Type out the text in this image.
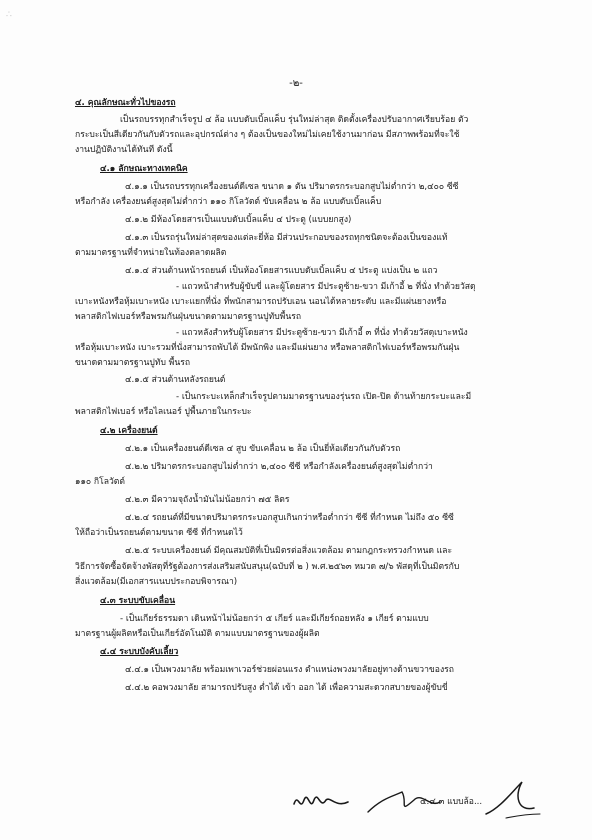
∴
-๒-
๔. คุณลักษณะทั่วไปของรถ
เป็นรถบรรทุกสำเร็จรูป ๔ ล้อ แบบดับเบิ้ลแค็บ รุ่นใหม่ล่าสุด ติดตั้งเครื่องปรับอากาศเรียบร้อย ตัว
กระบะเป็นสีเดียวกันกับตัวรถและอุปกรณ์ต่าง ๆ ต้องเป็นของใหม่ไม่เคยใช้งานมาก่อน มีสภาพพร้อมที่จะใช้
งานปฏิบัติงานได้ทันที ดังนี้
๔.๑ ลักษณะทางเทคนิค
๔.๑.๑ เป็นรถบรรทุกเครื่องยนต์ดีเซล ขนาด ๑ ตัน ปริมาตรกระบอกสูบไม่ต่ำกว่า ๒,๔๐๐ ซีซี
หรือกำลัง เครื่องยนต์สูงสุดไม่ต่ำกว่า ๑๑๐ กิโลวัตต์ ขับเคลื่อน ๒ ล้อ แบบดับเบิ้ลแค็บ
๔.๑.๒ มีห้องโดยสารเป็นแบบดับเบิ้ลแค็บ ๔ ประตู (แบบยกสูง)
๔.๑.๓ เป็นรถรุ่นใหม่ล่าสุดของแต่ละยี่ห้อ มีส่วนประกอบของรถทุกชนิดจะต้องเป็นของแท้
ตามมาตรฐานที่จำหน่ายในท้องตลาดผลิต
๔.๑.๔ ส่วนด้านหน้ารถยนต์ เป็นห้องโดยสารแบบดับเบิ้ลแค็บ ๔ ประตู แบ่งเป็น ๒ แถว
- แถวหน้าสำหรับผู้ขับขี่ และผู้โดยสาร มีประตูซ้าย-ขวา มีเก้าอี้ ๒ ที่นั่ง ทำด้วยวัสดุ
เบาะหนังหรือหุ้มเบาะหนัง เบาะแยกที่นั่ง ที่พนักสามารถปรับเอน นอนได้หลายระดับ และมีแผ่นยางหรือ
พลาสติกไฟเบอร์หรือพรมกันฝุ่นขนาดตามมาตรฐานปูทับพื้นรถ
- แถวหลังสำหรับผู้โดยสาร มีประตูซ้าย-ขวา มีเก้าอี้ ๓ ที่นั่ง ทำด้วยวัสดุเบาะหนัง
หรือหุ้มเบาะหนัง เบาะรวมที่นั่งสามารถพับได้ มีพนักพิง และมีแผ่นยาง หรือพลาสติกไฟเบอร์หรือพรมกันฝุ่น
ขนาดตามมาตรฐานปูทับ พื้นรถ
๔.๑.๕ ส่วนด้านหลังรถยนต์
- เป็นกระบะเหล็กสำเร็จรูปตามมาตรฐานของรุ่นรถ เปิด-ปิด ด้านท้ายกระบะและมี
พลาสติกไฟเบอร์ หรือไลเนอร์ ปูพื้นภายในกระบะ
๔.๒ เครื่องยนต์
๔.๒.๑ เป็นเครื่องยนต์ดีเซล ๔ สูบ ขับเคลื่อน ๒ ล้อ เป็นยี่ห้อเดียวกันกับตัวรถ
๔.๒.๒ ปริมาตรกระบอกสูบไม่ต่ำกว่า ๒,๔๐๐ ซีซี หรือกำลังเครื่องยนต์สูงสุดไม่ต่ำกว่า
๑๑๐ กิโลวัตต์
๔.๒.๓ มีความจุถังน้ำมันไม่น้อยกว่า ๗๕ ลิตร
๔.๒.๔ รถยนต์ที่มีขนาดปริมาตรกระบอกสูบเกินกว่าหรือต่ำกว่า ซีซี ที่กำหนด ไม่ถึง ๕๐ ซีซี
ให้ถือว่าเป็นรถยนต์ตามขนาด ซีซี ที่กำหนดไว้
๔.๒.๕ ระบบเครื่องยนต์ มีคุณสมบัติที่เป็นมิตรต่อสิ่งแวดล้อม ตามกฎกระทรวงกำหนด และ
วิธีการจัดซื้อจัดจ้างพัสดุที่รัฐต้องการส่งเสริมสนับสนุน(ฉบับที่ ๒ ) พ.ศ.๒๕๖๓ หมวด ๗/๖ พัสดุที่เป็นมิตรกับ
สิ่งแวดล้อม(มีเอกสารแนบประกอบพิจารณา)
๔.๓ ระบบขับเคลื่อน
- เป็นเกียร์ธรรมดา เดินหน้าไม่น้อยกว่า ๕ เกียร์ และมีเกียร์ถอยหลัง ๑ เกียร์ ตามแบบ
มาตรฐานผู้ผลิตหรือเป็นเกียร์อัตโนมัติ ตามแบบมาตรฐานของผู้ผลิต
๔.๔ ระบบบังคับเลี้ยว
๔.๔.๑ เป็นพวงมาลัย พร้อมเพาเวอร์ช่วยผ่อนแรง ตำแหน่งพวงมาลัยอยู่ทางด้านขวาของรถ
๔.๔.๒ คอพวงมาลัย สามารถปรับสูง ต่ำได้ เข้า ออก ได้ เพื่อความสะดวกสบายของผู้ขับขี่
๔.๔.๓ แบบล้อ...
